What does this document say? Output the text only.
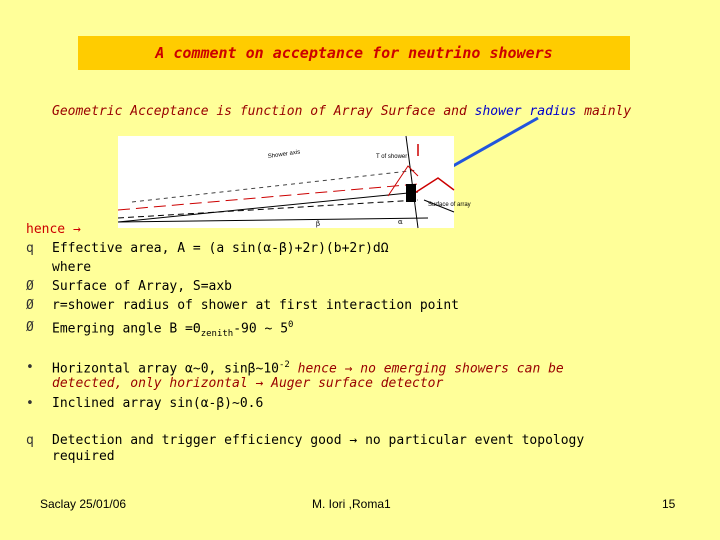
A comment on acceptance for neutrino showers
Geometric Acceptance is function of Array Surface and shower radius mainly
Shower axis	T of shower
Surface of array
β	α
hence →
q Effective area, A = (a sin(α-β)+2r)(b+2r)dΩ
where
Ø Surface of Array, S=axb
Ø r=shower radius of shower at first interaction point
Ø Emerging angle $B =\Theta_{zenith}-90$ ~ $5^0$
• Horizontal array α~0, $\sin\beta\sim 10^{-2}$ hence → no emerging showers can be
detected, only horizontal → Auger surface detector
• Inclined array sin(α-β)~0.6
q Detection and trigger efficiency good → no particular event topology
required
Saclay 25/01/06	M. Iori ,Roma1	15
